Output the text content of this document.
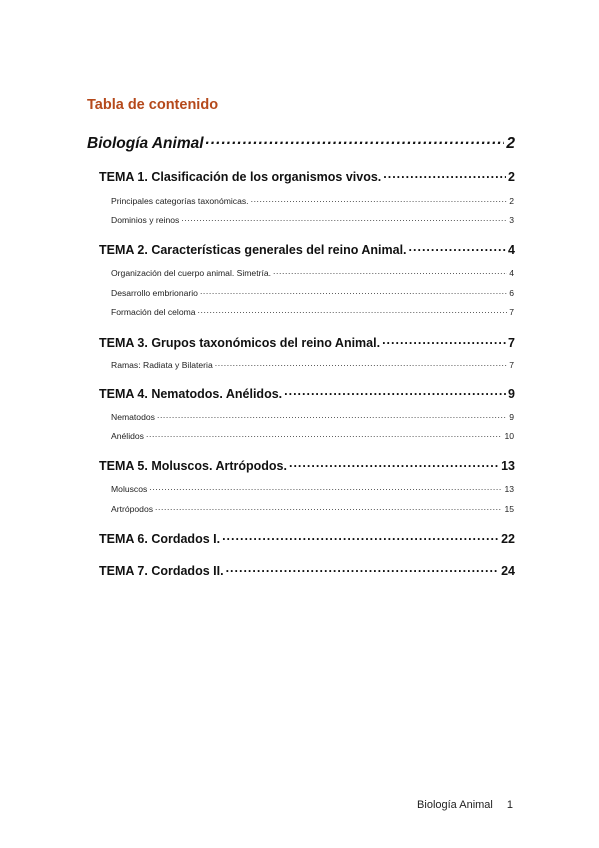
Tabla de contenido
Biología Animal .....	2
TEMA 1. Clasificación de los organismos vivos. .....	2
Principales categorías taxonómicas. .....	2
Dominios y reinos .....	3
TEMA 2. Características generales del reino Animal. .....	4
Organización del cuerpo animal. Simetría. .....	4
Desarrollo embrionario .....	6
Formación del celoma .....	7
TEMA 3. Grupos taxonómicos del reino Animal. .....	7
Ramas: Radiata y Bilateria .....	7
TEMA 4. Nematodos. Anélidos. .....	9
Nematodos .....	9
Anélidos .....	10
TEMA 5. Moluscos. Artrópodos. .....	13
Moluscos .....	13
Artrópodos .....	15
TEMA 6. Cordados I. .....	22
TEMA 7. Cordados II. .....	24
Biología Animal 1
